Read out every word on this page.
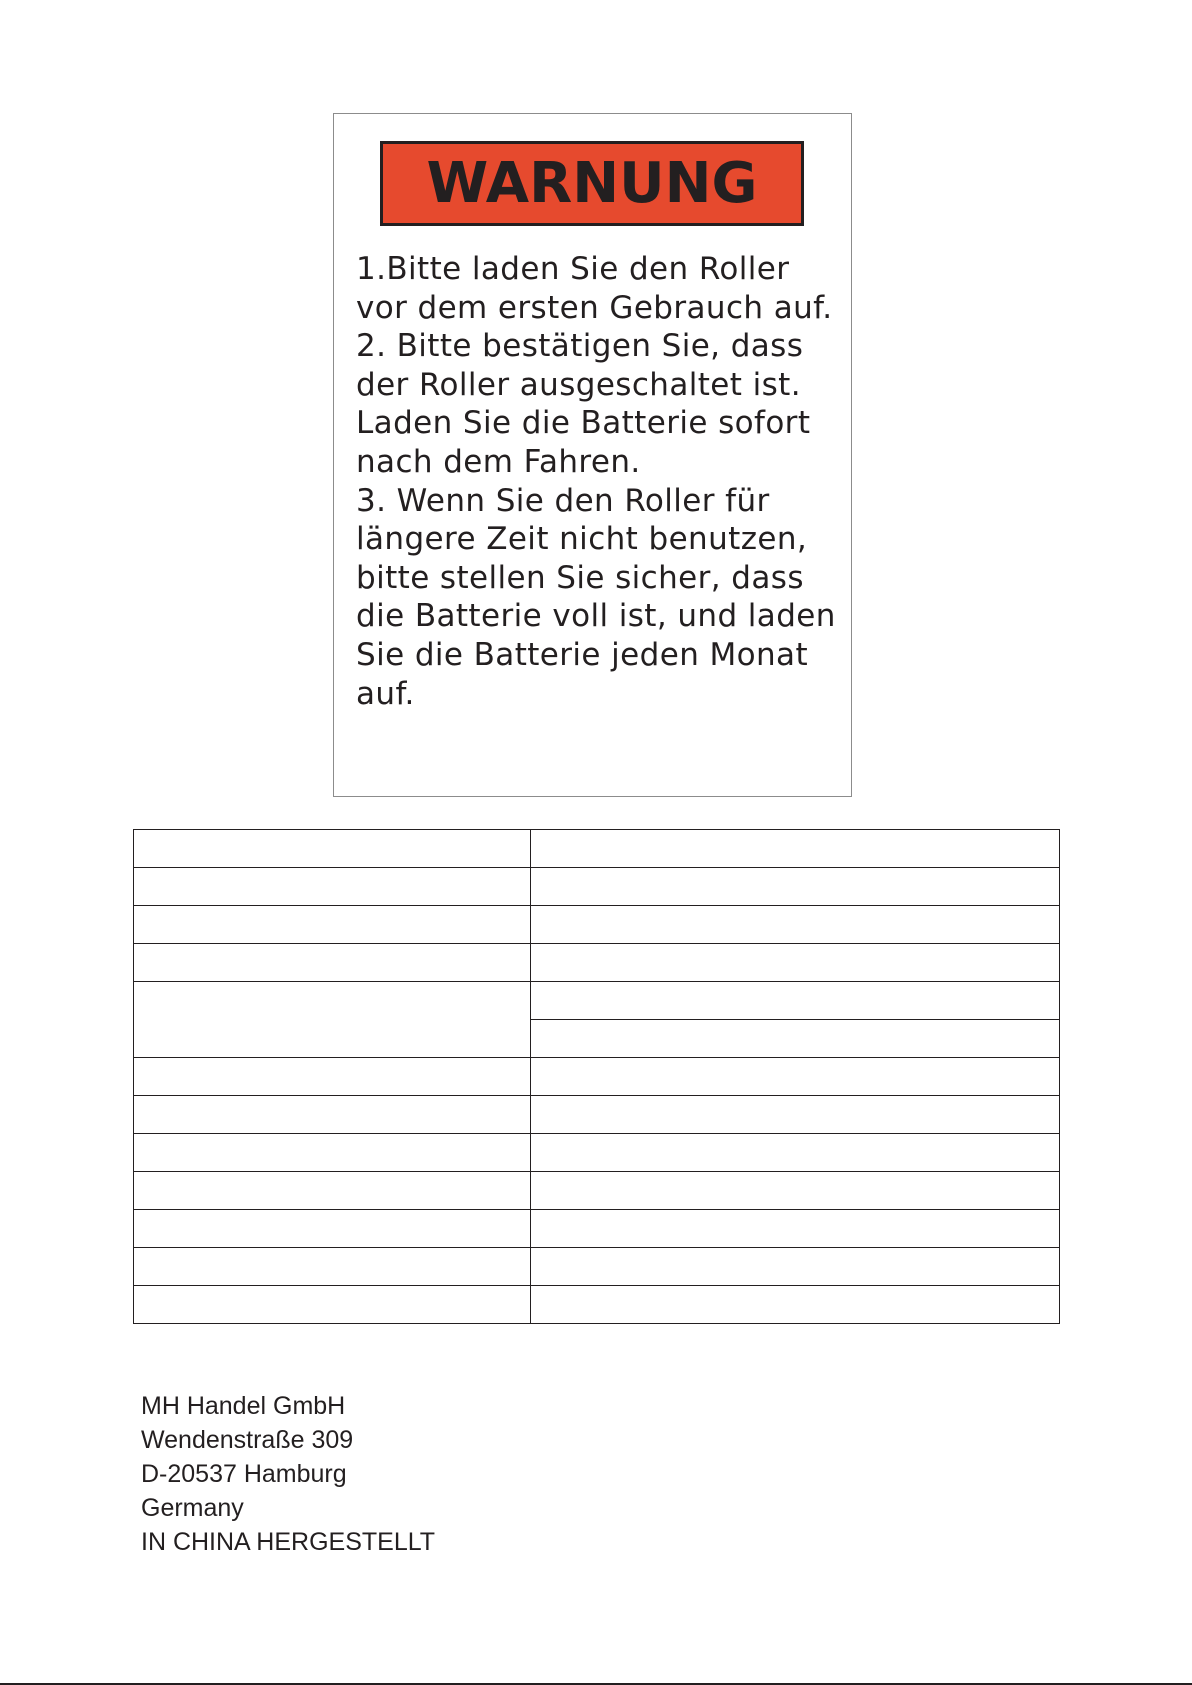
WARNUNG
1.Bitte laden Sie den Roller
vor dem ersten Gebrauch auf.
2. Bitte bestätigen Sie, dass
der Roller ausgeschaltet ist.
Laden Sie die Batterie sofort
nach dem Fahren.
3. Wenn Sie den Roller für
längere Zeit nicht benutzen,
bitte stellen Sie sicher, dass
die Batterie voll ist, und laden
Sie die Batterie jeden Monat
auf.

MH Handel GmbH
Wendenstraße 309
D-20537 Hamburg
Germany
IN CHINA HERGESTELLT
